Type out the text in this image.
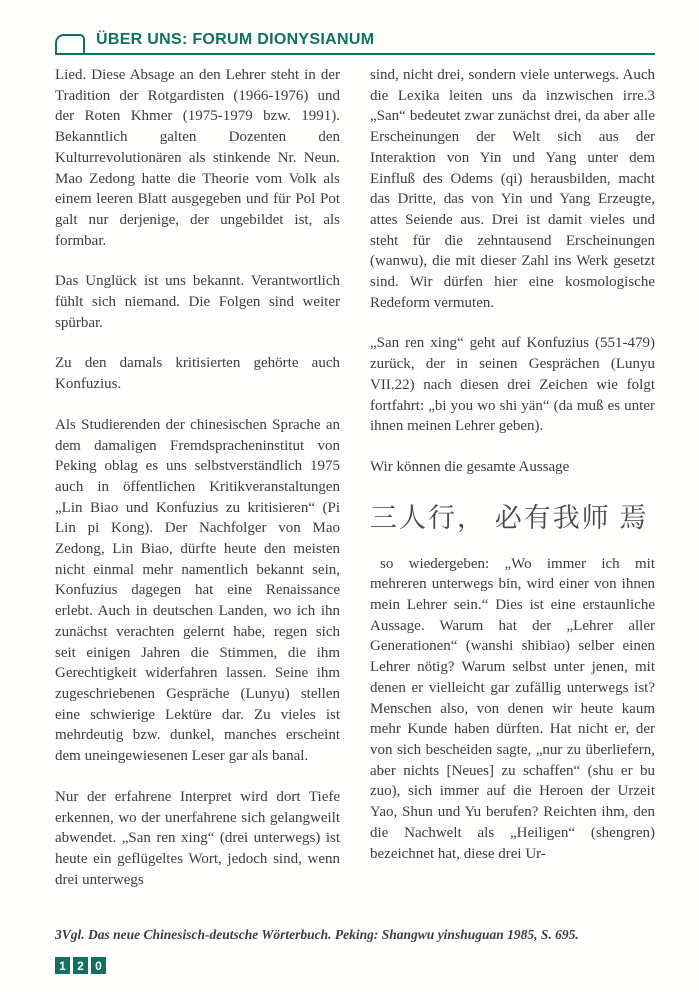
ÜBER UNS: FORUM DIONYSIANUM

Lied. Diese Absage an den Lehrer steht in der Tradition der Rotgardisten (1966-1976) und der Roten Khmer (1975-1979 bzw. 1991). Bekanntlich galten Dozenten den Kulturrevolutionären als stinkende Nr. Neun. Mao Zedong hatte die Theorie vom Volk als einem leeren Blatt ausgegeben und für Pol Pot galt nur derjenige, der ungebildet ist, als formbar.

Das Unglück ist uns bekannt. Verantwortlich fühlt sich niemand. Die Folgen sind weiter spürbar.

Zu den damals kritisierten gehörte auch Konfuzius.

Als Studierenden der chinesischen Sprache an dem damaligen Fremdspracheninstitut von Peking oblag es uns selbstverständlich 1975 auch in öffentlichen Kritikveranstaltungen „Lin Biao und Konfuzius zu kritisieren“ (Pi Lin pi Kong). Der Nachfolger von Mao Zedong, Lin Biao, dürfte heute den meisten nicht einmal mehr namentlich bekannt sein, Konfuzius dagegen hat eine Renaissance erlebt. Auch in deutschen Landen, wo ich ihn zunächst verachten gelernt habe, regen sich seit einigen Jahren die Stimmen, die ihm Gerechtigkeit widerfahren lassen. Seine ihm zugeschriebenen Gespräche (Lunyu) stellen eine schwierige Lektüre dar. Zu vieles ist mehrdeutig bzw. dunkel, manches erscheint dem uneingewiesenen Leser gar als banal.

Nur der erfahrene Interpret wird dort Tiefe erkennen, wo der unerfahrene sich gelangweilt abwendet. „San ren xing“ (drei unterwegs) ist heute ein geflügeltes Wort, jedoch sind, wenn drei unterwegs

sind, nicht drei, sondern viele unterwegs. Auch die Lexika leiten uns da inzwischen irre.3 „San“ bedeutet zwar zunächst drei, da aber alle Erscheinungen der Welt sich aus der Interaktion von Yin und Yang unter dem Einfluß des Odems (qi) herausbilden, macht das Dritte, das von Yin und Yang Erzeugte, attes Seiende aus. Drei ist damit vieles und steht für die zehntausend Erscheinungen (wanwu), die mit dieser Zahl ins Werk gesetzt sind. Wir dürfen hier eine kosmologische Redeform vermuten.

„San ren xing“ geht auf Konfuzius (551-479) zurück, der in seinen Gesprächen (Lunyu VII.22) nach diesen drei Zeichen wie folgt fortfahrt: „bi you wo shi yän“ (da muß es unter ihnen meinen Lehrer geben).

Wir können die gesamte Aussage

三人行， 必有我师 焉

so wiedergeben: „Wo immer ich mit mehreren unterwegs bin, wird einer von ihnen mein Lehrer sein.“ Dies ist eine erstaunliche Aussage. Warum hat der „Lehrer aller Generationen“ (wanshi shibiao) selber einen Lehrer nötig? Warum selbst unter jenen, mit denen er vielleicht gar zufällig unterwegs ist? Menschen also, von denen wir heute kaum mehr Kunde haben dürften. Hat nicht er, der von sich bescheiden sagte, „nur zu überliefern, aber nichts [Neues] zu schaffen“ (shu er bu zuo), sich immer auf die Heroen der Urzeit Yao, Shun und Yu berufen? Reichten ihm, den die Nachwelt als „Heiligen“ (shengren) bezeichnet hat, diese drei Ur-

3Vgl. Das neue Chinesisch-deutsche Wörterbuch. Peking: Shangwu yinshuguan 1985, S. 695.

1 2 0
